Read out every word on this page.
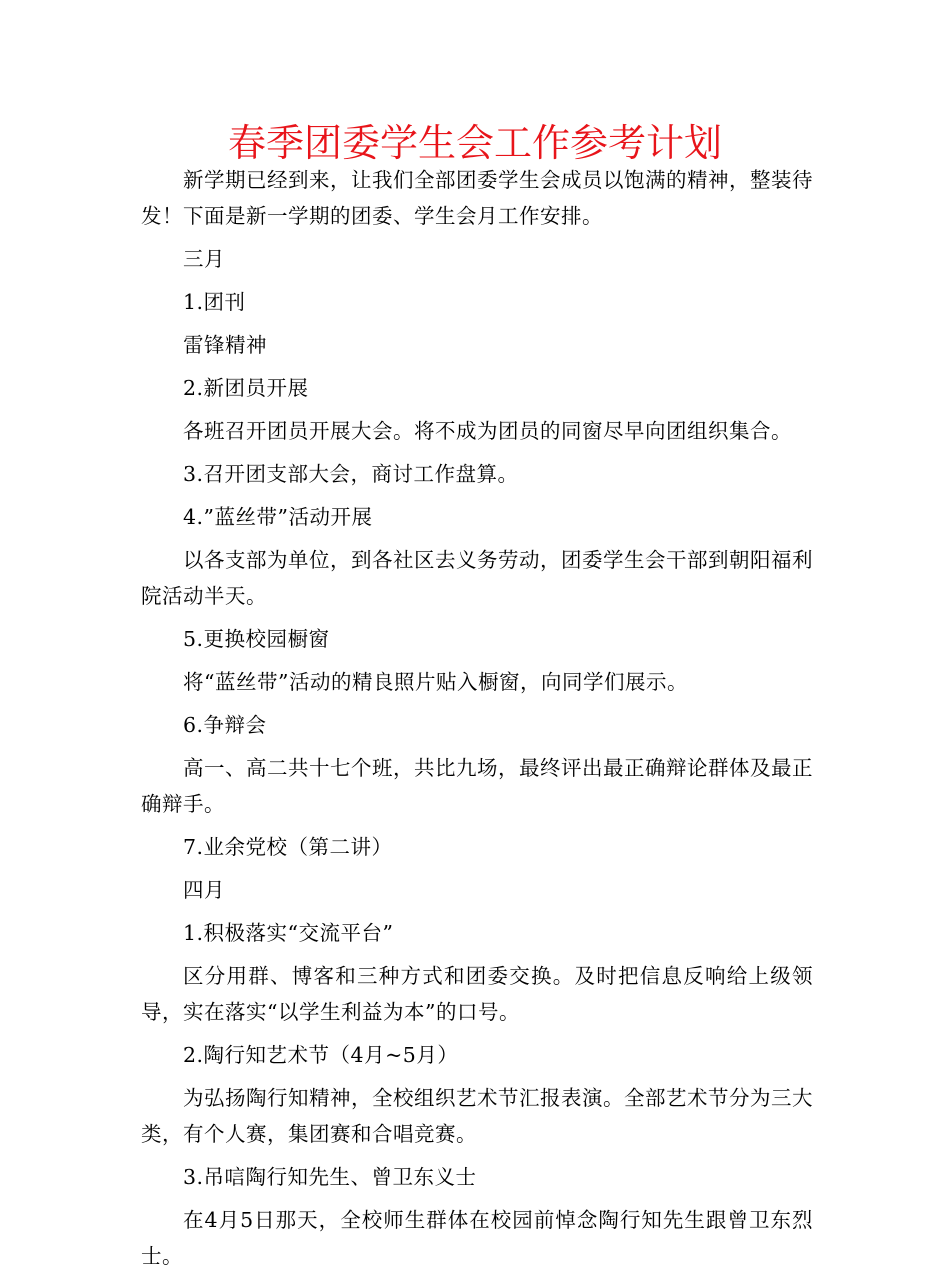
春季团委学生会工作参考计划

新学期已经到来，让我们全部团委学生会成员以饱满的精神，整装待发！下面是新一学期的团委、学生会月工作安排。

三月

1.团刊

雷锋精神

2.新团员开展

各班召开团员开展大会。将不成为团员的同窗尽早向团组织集合。

3.召开团支部大会，商讨工作盘算。

4.”蓝丝带”活动开展

以各支部为单位，到各社区去义务劳动，团委学生会干部到朝阳福利院活动半天。

5.更换校园橱窗

将“蓝丝带”活动的精良照片贴入橱窗，向同学们展示。

6.争辩会

高一、高二共十七个班，共比九场，最终评出最正确辩论群体及最正确辩手。

7.业余党校（第二讲）

四月

1.积极落实“交流平台”

区分用群、博客和三种方式和团委交换。及时把信息反响给上级领导，实在落实“以学生利益为本”的口号。

2.陶行知艺术节（4月~5月）

为弘扬陶行知精神，全校组织艺术节汇报表演。全部艺术节分为三大类，有个人赛，集团赛和合唱竞赛。

3.吊唁陶行知先生、曾卫东义士

在4月5日那天，全校师生群体在校园前悼念陶行知先生跟曾卫东烈士。
